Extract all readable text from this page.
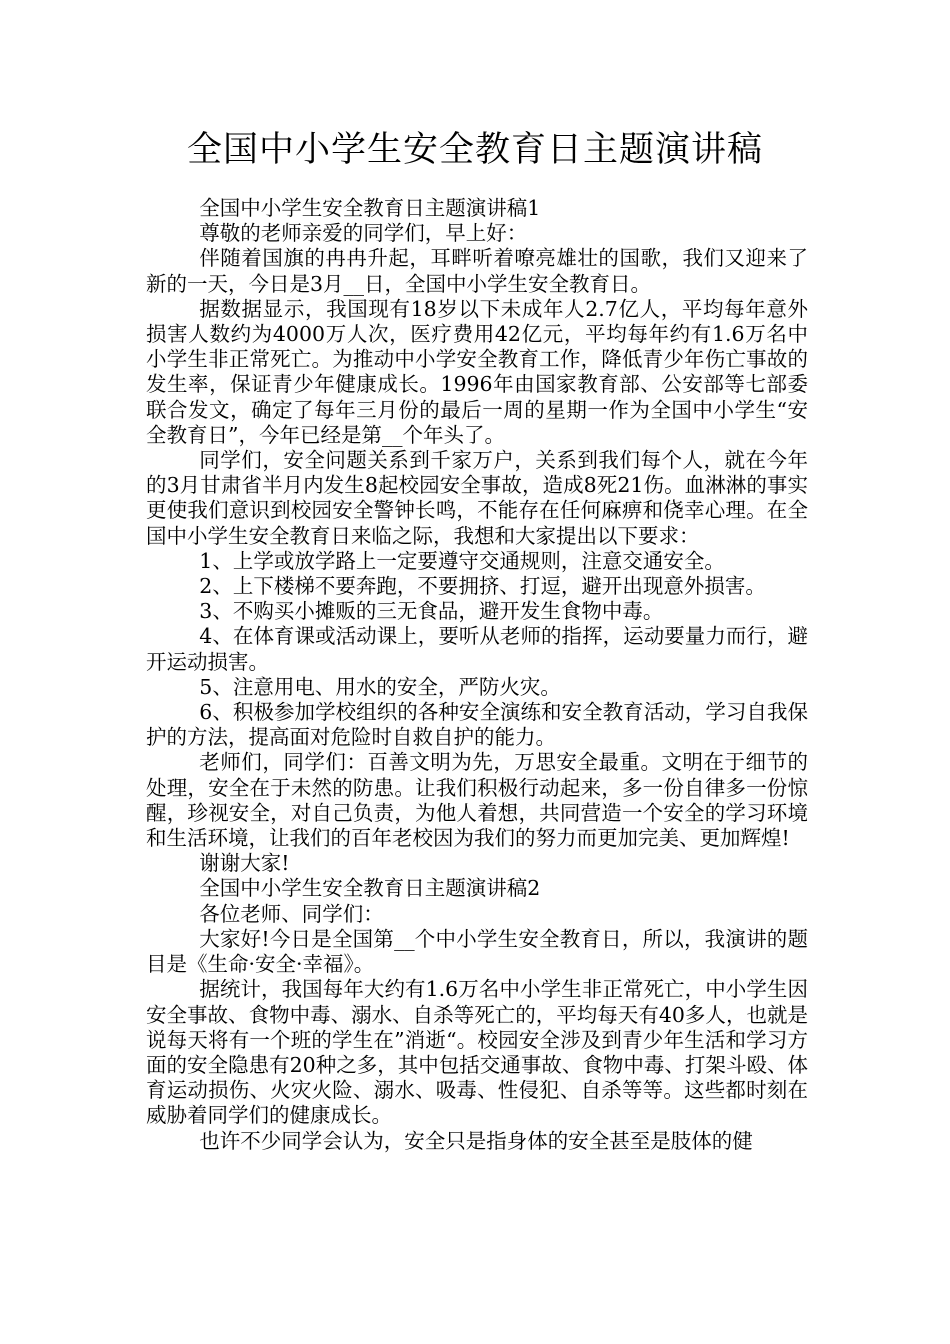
全国中小学生安全教育日主题演讲稿

全国中小学生安全教育日主题演讲稿1

尊敬的老师亲爱的同学们，早上好：

伴随着国旗的冉冉升起，耳畔听着嘹亮雄壮的国歌，我们又迎来了新的一天，今日是3月__日，全国中小学生安全教育日。

据数据显示，我国现有18岁以下未成年人2.7亿人，平均每年意外损害人数约为4000万人次，医疗费用42亿元，平均每年约有1.6万名中小学生非正常死亡。为推动中小学安全教育工作，降低青少年伤亡事故的发生率，保证青少年健康成长。1996年由国家教育部、公安部等七部委联合发文，确定了每年三月份的最后一周的星期一作为全国中小学生“安全教育日”，今年已经是第__个年头了。

同学们，安全问题关系到千家万户，关系到我们每个人，就在今年的3月甘肃省半月内发生8起校园安全事故，造成8死21伤。血淋淋的事实更使我们意识到校园安全警钟长鸣，不能存在任何麻痹和侥幸心理。在全国中小学生安全教育日来临之际，我想和大家提出以下要求：

1、上学或放学路上一定要遵守交通规则，注意交通安全。

2、上下楼梯不要奔跑，不要拥挤、打逗，避开出现意外损害。

3、不购买小摊贩的三无食品，避开发生食物中毒。

4、在体育课或活动课上，要听从老师的指挥，运动要量力而行，避开运动损害。

5、注意用电、用水的安全，严防火灾。

6、积极参加学校组织的各种安全演练和安全教育活动，学习自我保护的方法，提高面对危险时自救自护的能力。

老师们，同学们：百善文明为先，万思安全最重。文明在于细节的处理，安全在于未然的防患。让我们积极行动起来，多一份自律多一份惊醒，珍视安全，对自己负责，为他人着想，共同营造一个安全的学习环境和生活环境，让我们的百年老校因为我们的努力而更加完美、更加辉煌!

谢谢大家!

全国中小学生安全教育日主题演讲稿2

各位老师、同学们：

大家好!今日是全国第__个中小学生安全教育日，所以，我演讲的题目是《生命·安全·幸福》。

据统计，我国每年大约有1.6万名中小学生非正常死亡，中小学生因安全事故、食物中毒、溺水、自杀等死亡的，平均每天有40多人，也就是说每天将有一个班的学生在”消逝“。校园安全涉及到青少年生活和学习方面的安全隐患有20种之多，其中包括交通事故、食物中毒、打架斗殴、体育运动损伤、火灾火险、溺水、吸毒、性侵犯、自杀等等。这些都时刻在威胁着同学们的健康成长。

也许不少同学会认为，安全只是指身体的安全甚至是肢体的健
